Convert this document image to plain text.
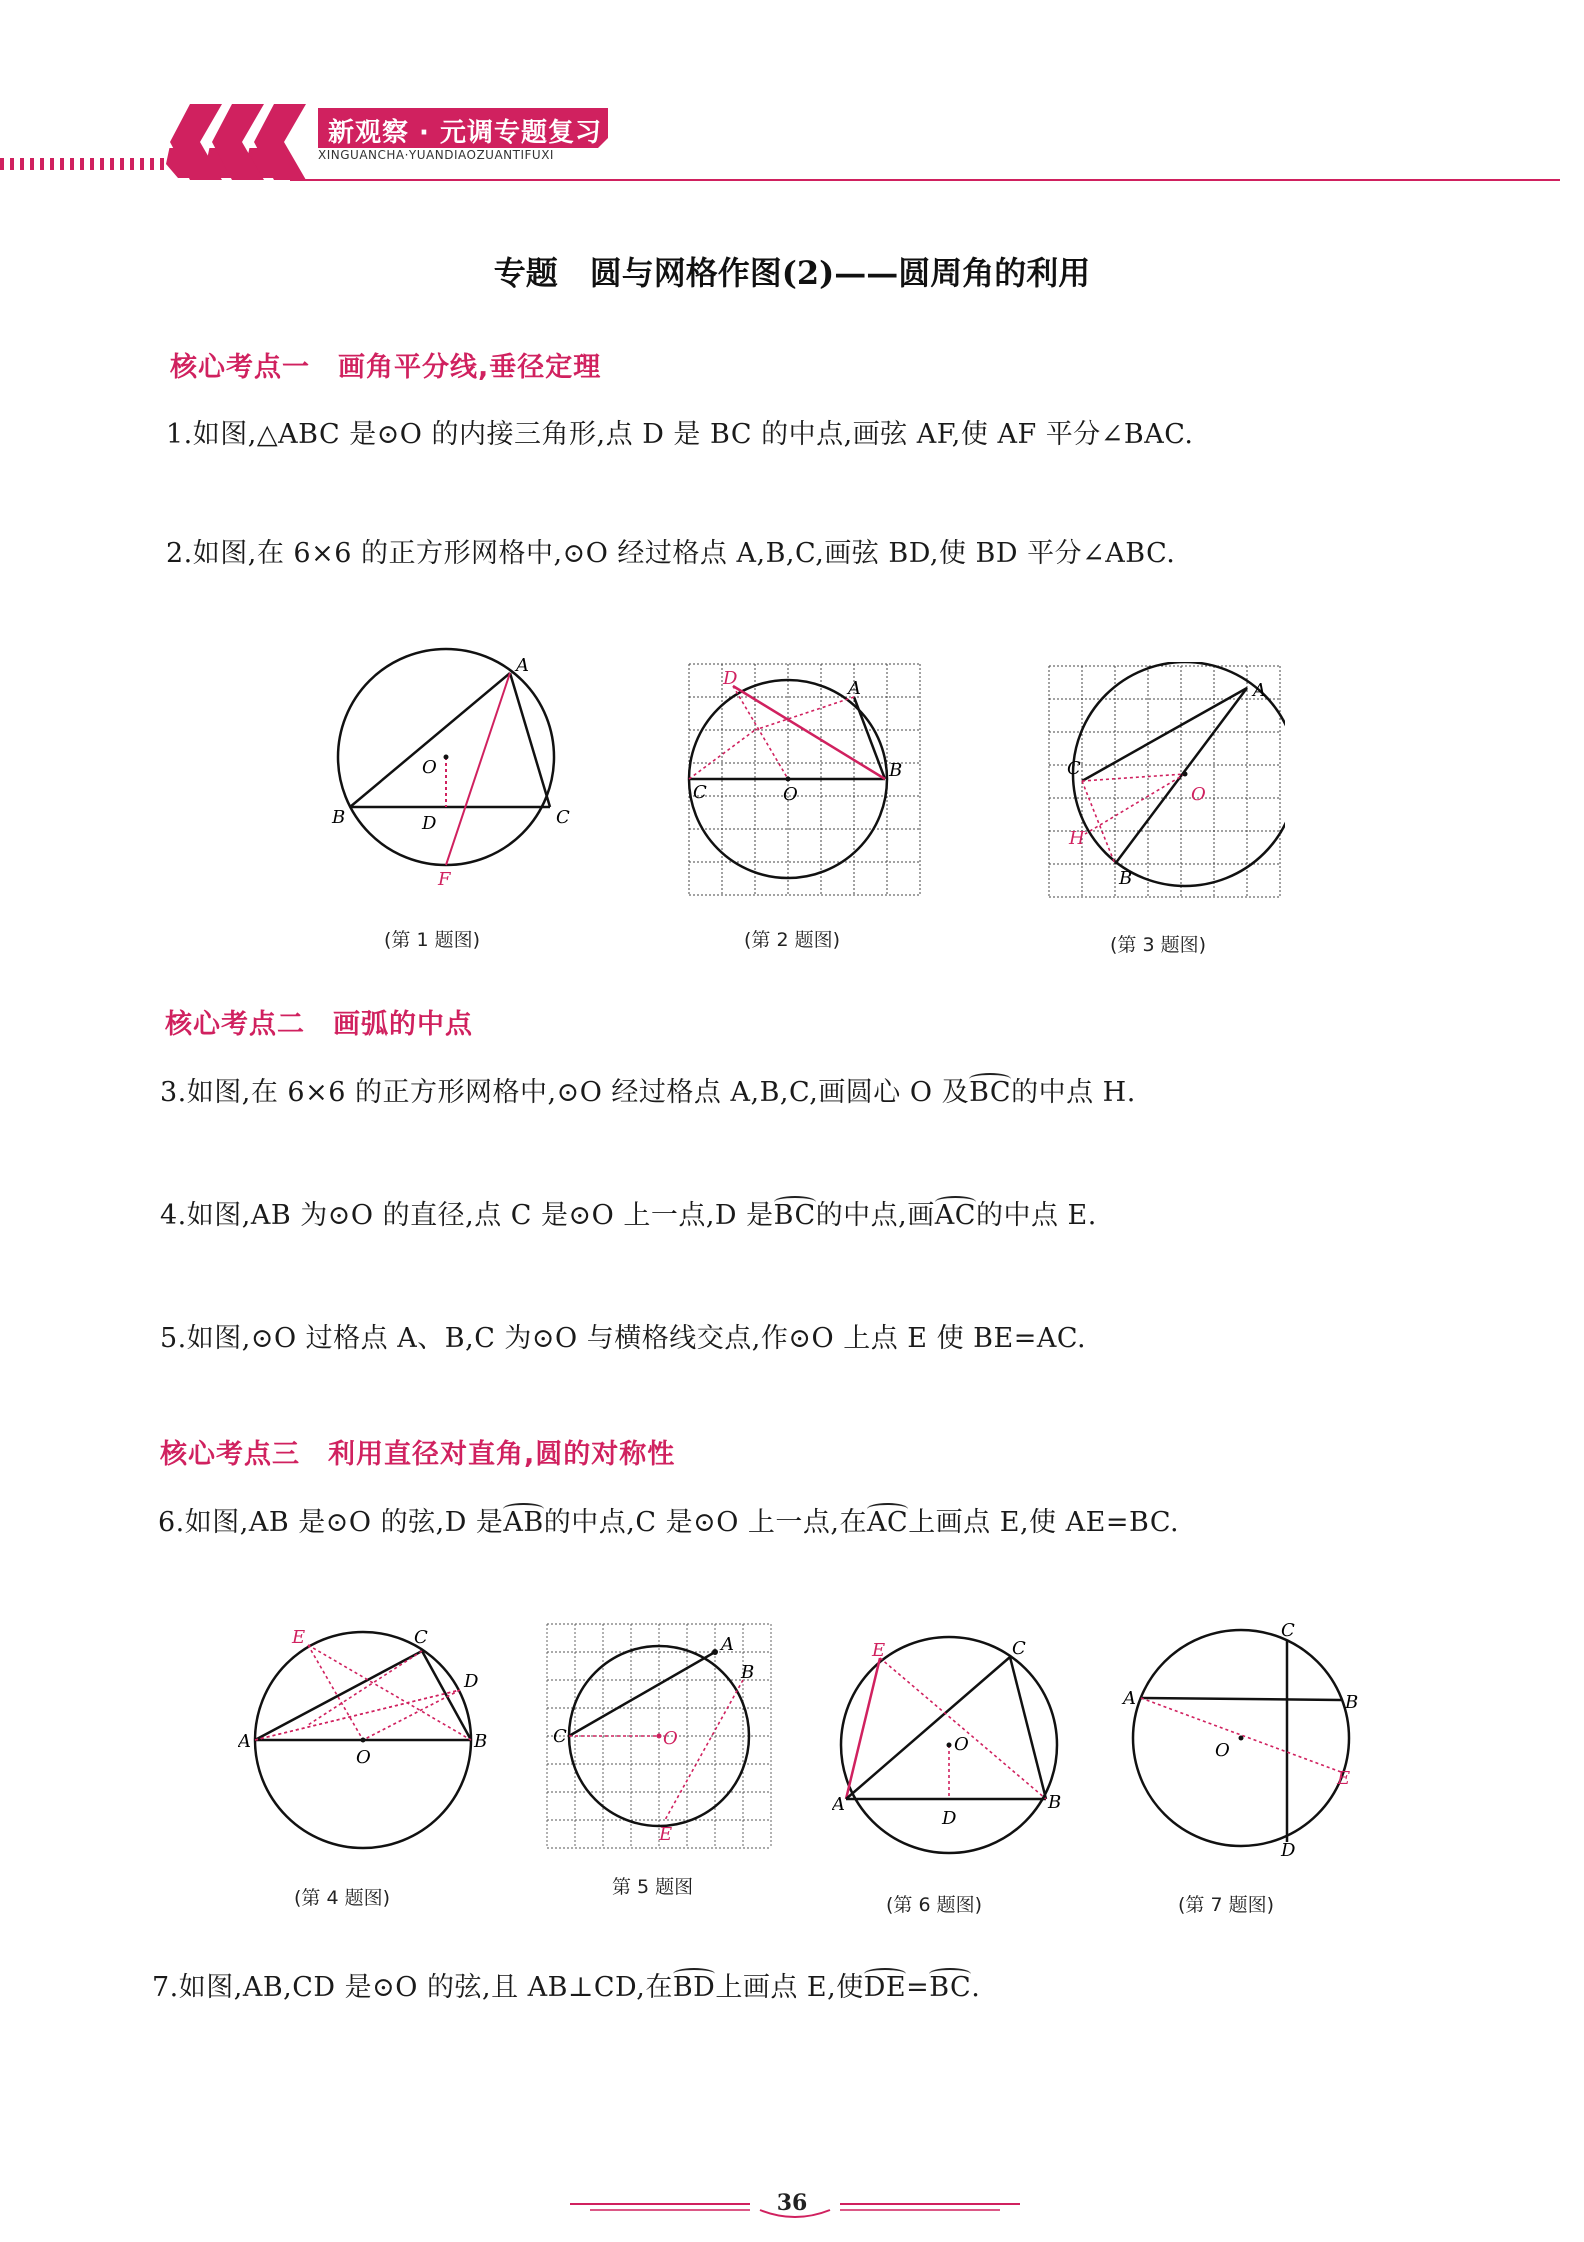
新观察 · 元调专题复习
XINGUANCHA·YUANDIAOZUANTIFUXI
专题　圆与网格作图(2)——圆周角的利用
核心考点一　画角平分线,垂径定理
1.如图,△ABC 是⊙O 的内接三角形,点 D 是 BC 的中点,画弦 AF,使 AF 平分∠BAC.
2.如图,在 6×6 的正方形网格中,⊙O 经过格点 A,B,C,画弦 BD,使 BD 平分∠ABC.
A
B	C
D
O
F
(第 1 题图)
D	A
B
C	O
(第 2 题图)
A
C
O
H
B
(第 3 题图)
核心考点二　画弧的中点
3.如图,在 6×6 的正方形网格中,⊙O 经过格点 A,B,C,画圆心 O 及BC的中点 H.
4.如图,AB 为⊙O 的直径,点 C 是⊙O 上一点,D 是BC的中点,画AC的中点 E.
5.如图,⊙O 过格点 A、B,C 为⊙O 与横格线交点,作⊙O 上点 E 使 BE=AC.
核心考点三　利用直径对直角,圆的对称性
6.如图,AB 是⊙O 的弦,D 是AB的中点,C 是⊙O 上一点,在AC上画点 E,使 AE=BC.
E	C
D
A	B
O
(第 4 题图)
A
B
C	O
E
第 5 题图
E	C
O
A	B
D
(第 6 题图)
C
A	B
O
E
D
(第 7 题图)
7.如图,AB,CD 是⊙O 的弦,且 AB⊥CD,在BD上画点 E,使DE=BC.
36
